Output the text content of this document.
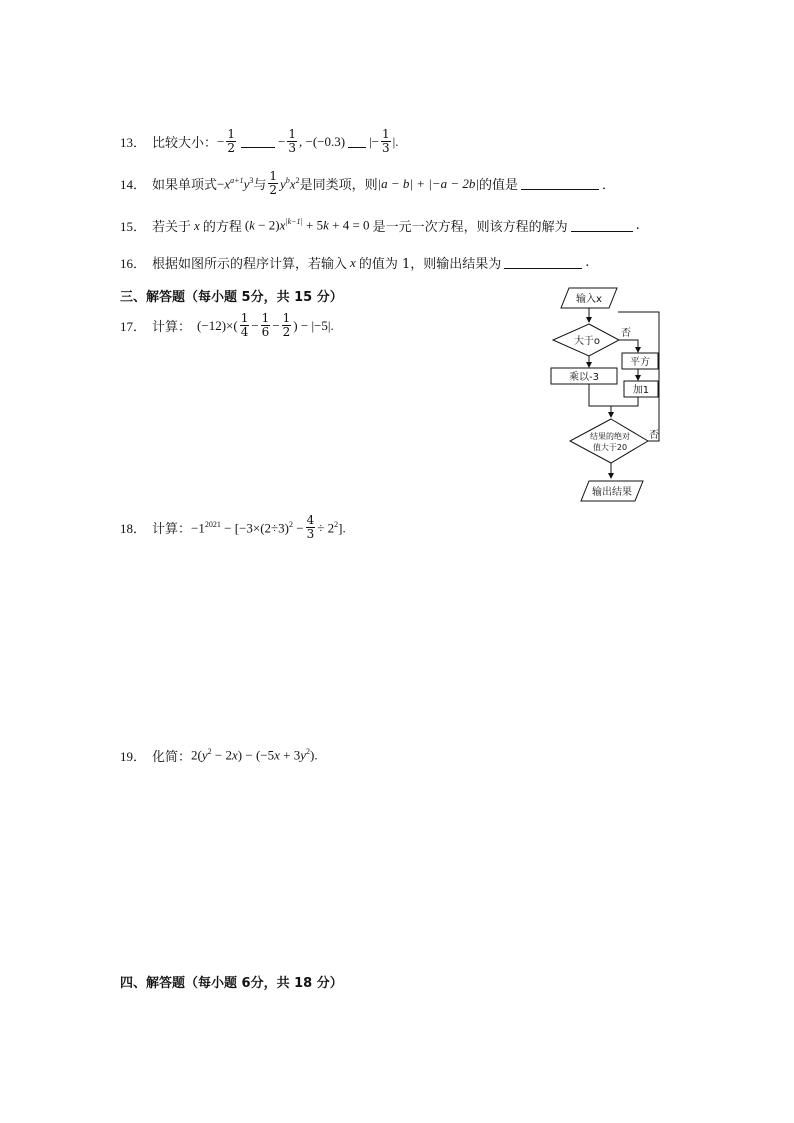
13． 比较大小： − $\frac{1}{2}$	− $\frac{1}{3}$ , −(−0.3) |− $\frac{1}{3}$ |.
14． 如果单项式 $-x^{a+1}y^3$ 与 $\frac{1}{2} y^bx^2$ 是同类项，则 |a − b| + |−a − 2b| 的值是	．
15． 若关于 x 的方程 $(k - 2)x^{|k-1|} + 5k + 4 = 0$ 是一元一次方程，则该方程的解为	.
16． 根据如图所示的程序计算，若输入 x 的值为 1，则输出结果为	.
三、解答题（每小题 5分，共 15 分）
17． 计算： $(-12)\times( \frac{1}{4} - \frac{1}{6} - \frac{1}{2}$ ) − |−5|.
输入x
大于o
否
平方
乘以-3
加1
结果的绝对
值大于20
否
输出结果
18． 计算： $-1^{2021} - [-3\times(2\div 3)^2 - \frac{4}{3} \div 2^2]$.
19． 化简： $2(y^2 - 2x) - (-5x + 3y^2)$.
四、解答题（每小题 6分，共 18 分）
